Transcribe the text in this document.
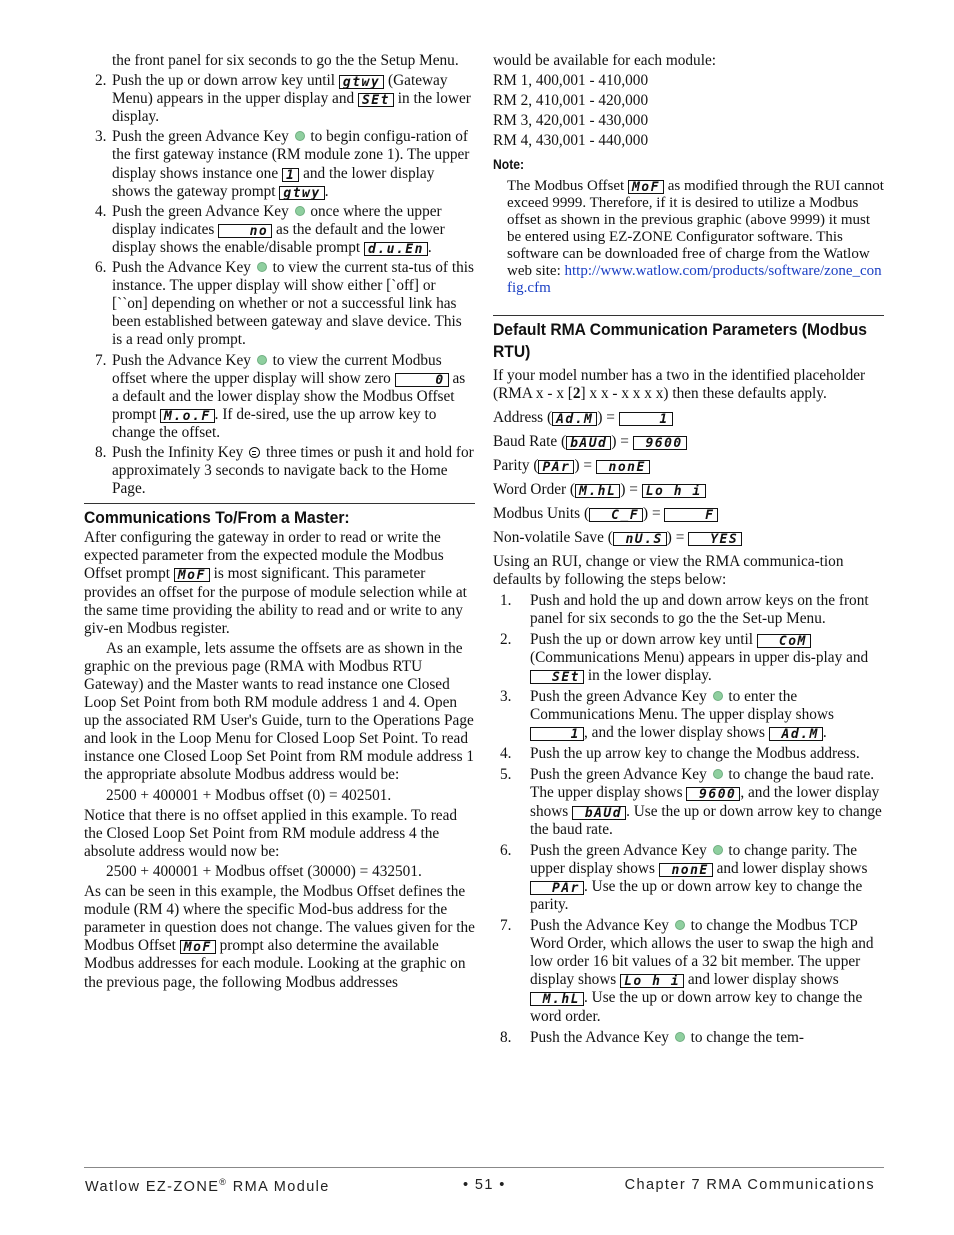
the front panel for six seconds to go the the Setup Menu.

2. Push the up or down arrow key until gtwy (Gateway Menu) appears in the upper display and SEt in the lower display.
3. Push the green Advance Key to begin configu-ration of the first gateway instance (RM module zone 1). The upper display shows instance one 1 and the lower display shows the gateway prompt gtwy .
4. Push the green Advance Key once where the upper display indicates	no as the default and the lower display shows the enable/disable prompt d.u.En .
6. Push the Advance Key to view the current sta-tus of this instance. The upper display will show either [`off] or [``on] depending on whether or not a successful link has been established between gateway and slave device. This is a read only prompt.
7. Push the Advance Key to view the current Modbus offset where the upper display will show zero	0 as a default and the lower display show the Modbus Offset prompt M.o.F . If de-sired, use the up arrow key to change the offset.
8. Push the Infinity Key three times or push it and hold for approximately 3 seconds to navigate back to the Home Page.
Communications To/From a Master:

After configuring the gateway in order to read or write the expected parameter from the expected module the Modbus Offset prompt MoF is most significant. This parameter provides an offset for the purpose of module selection while at the same time providing the ability to read and or write to any giv-en Modbus register.

As an example, lets assume the offsets are as shown in the graphic on the previous page (RMA with Modbus RTU Gateway) and the Master wants to read instance one Closed Loop Set Point from both RM module address 1 and 4. Open up the associated RM User's Guide, turn to the Operations Page and look in the Loop Menu for Closed Loop Set Point. To read instance one Closed Loop Set Point from RM module address 1 the appropriate absolute Modbus address would be:

2500 + 400001 + Modbus offset (0) = 402501.

Notice that there is no offset applied in this example. To read the Closed Loop Set Point from RM module address 4 the absolute address would now be:

2500 + 400001 + Modbus offset (30000) = 432501.

As can be seen in this example, the Modbus Offset defines the module (RM 4) where the specific Mod-bus address for the parameter in question does not change. The values given for the Modbus Offset MoF prompt also determine the available Modbus addresses for each module. Looking at the graphic on the previous page, the following Modbus addresses

would be available for each module:

RM 1, 400,001 - 410,000

RM 2, 410,001 - 420,000

RM 3, 420,001 - 430,000

RM 4, 430,001 - 440,000

Note:
The Modbus Offset MoF as modified through the RUI cannot exceed 9999. Therefore, if it is desired to utilize a Modbus offset as shown in the previous graphic (above 9999) it must be entered using EZ-ZONE Configurator software. This software can be downloaded free of charge from the Watlow web site: http://www.watlow.com/products/software/zone_config.cfm
Default RMA Communication Parameters (Modbus RTU)

If your model number has a two in the identified placeholder (RMA x - x [2] x x - x x x x) then these defaults apply.

Address ( Ad.M ) =	1
Baud Rate ( bAUd ) = 9600
Parity ( PAr ) = nonE
Word Order ( M.hL ) = Lo h i
Modbus Units ( C_F ) =	F
Non-volatile Save ( nU.S ) = YES

Using an RUI, change or view the RMA communica-tion defaults by following the steps below:

1. Push and hold the up and down arrow keys on the front panel for six seconds to go the the Set-up Menu.
2. Push the up or down arrow key until CoM (Communications Menu) appears in upper dis-play and SEt in the lower display.
3. Push the green Advance Key to enter the Communications Menu. The upper display shows 1 , and the lower display shows Ad.M .
4. Push the up arrow key to change the Modbus address.
5. Push the green Advance Key to change the baud rate. The upper display shows 9600 , and the lower display shows bAUd . Use the up or down arrow key to change the baud rate.
6. Push the green Advance Key to change parity. The upper display shows nonE and lower display shows PAr . Use the up or down arrow key to change the parity.
7. Push the Advance Key to change the Modbus TCP Word Order, which allows the user to swap the high and low order 16 bit values of a 32 bit member. The upper display shows Lo h i and lower display shows M.hL . Use the up or down arrow key to change the word order.
8. Push the Advance Key to change the tem-
Watlow EZ-ZONE® RMA Module	• 51 •	Chapter 7 RMA Communications
